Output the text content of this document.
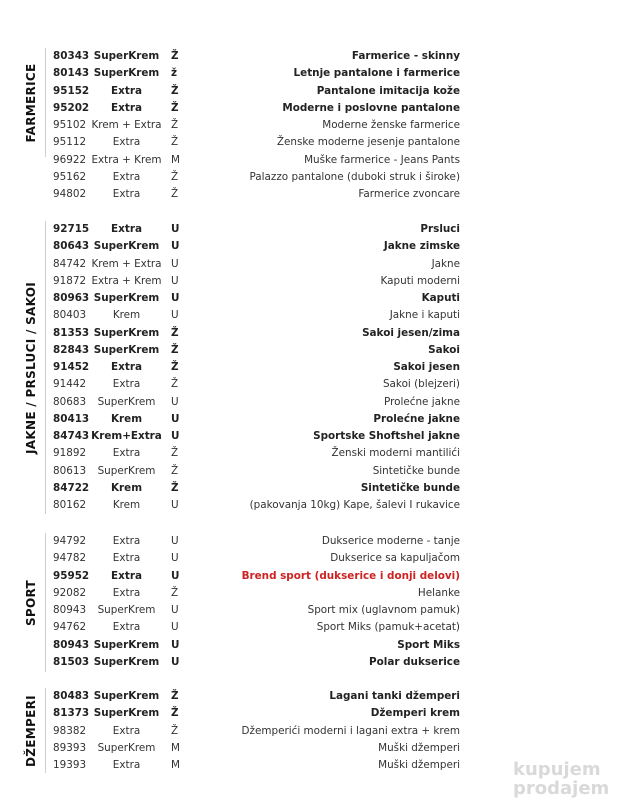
FARMERICE
80343 SuperKrem	Ž	Farmerice - skinny
80143 SuperKrem	ž	Letnje pantalone i farmerice
95152	Extra	Ž	Pantalone imitacija kože
95202	Extra	Ž	Moderne i poslovne pantalone
95102 Krem + Extra Ž	Moderne ženske farmerice
95112	Extra	Ž	Ženske moderne jesenje pantalone
96922 Extra + Krem M	Muške farmerice - Jeans Pants
95162	Extra	Ž	Palazzo pantalone (duboki struk i široke)
94802	Extra	Ž	Farmerice zvoncare
JAKNE / PRSLUCI / SAKOI
92715	Extra	U	Prsluci
80643 SuperKrem	U	Jakne zimske
84742 Krem + Extra U	Jakne
91872 Extra + Krem U	Kaputi moderni
80963 SuperKrem	U	Kaputi
80403	Krem	U	Jakne i kaputi
81353 SuperKrem	Ž	Sakoi jesen/zima
82843 SuperKrem	Ž	Sakoi
91452	Extra	Ž	Sakoi jesen
91442	Extra	Ž	Sakoi (blejzeri)
80683	SuperKrem	U	Prolećne jakne
80413	Krem	U	Prolećne jakne
84743 Krem+Extra U	Sportske Shoftshel jakne
91892	Extra	Ž	Ženski moderni mantilići
80613	SuperKrem	Ž	Sintetičke bunde
84722	Krem	Ž	Sintetičke bunde
80162	Krem	U	(pakovanja 10kg) Kape, šalevi I rukavice
SPORT
94792	Extra	U	Dukserice moderne - tanje
94782	Extra	U	Dukserice sa kapuljačom
95952	Extra	U	Brend sport (dukserice i donji delovi)
92082	Extra	Ž	Helanke
80943	SuperKrem	U	Sport mix (uglavnom pamuk)
94762	Extra	U	Sport Miks (pamuk+acetat)
80943 SuperKrem	U	Sport Miks
81503 SuperKrem	U	Polar dukserice
DŽEMPERI 80483 SuperKrem	Ž	Lagani tanki džemperi
81373 SuperKrem	Ž	Džemperi krem
98382	Extra	Ž	Džemperići moderni i lagani extra + krem
89393	SuperKrem	M	Muški džemperi
19393	Extra	M	Muški džemperi	kupujem
prodajem
